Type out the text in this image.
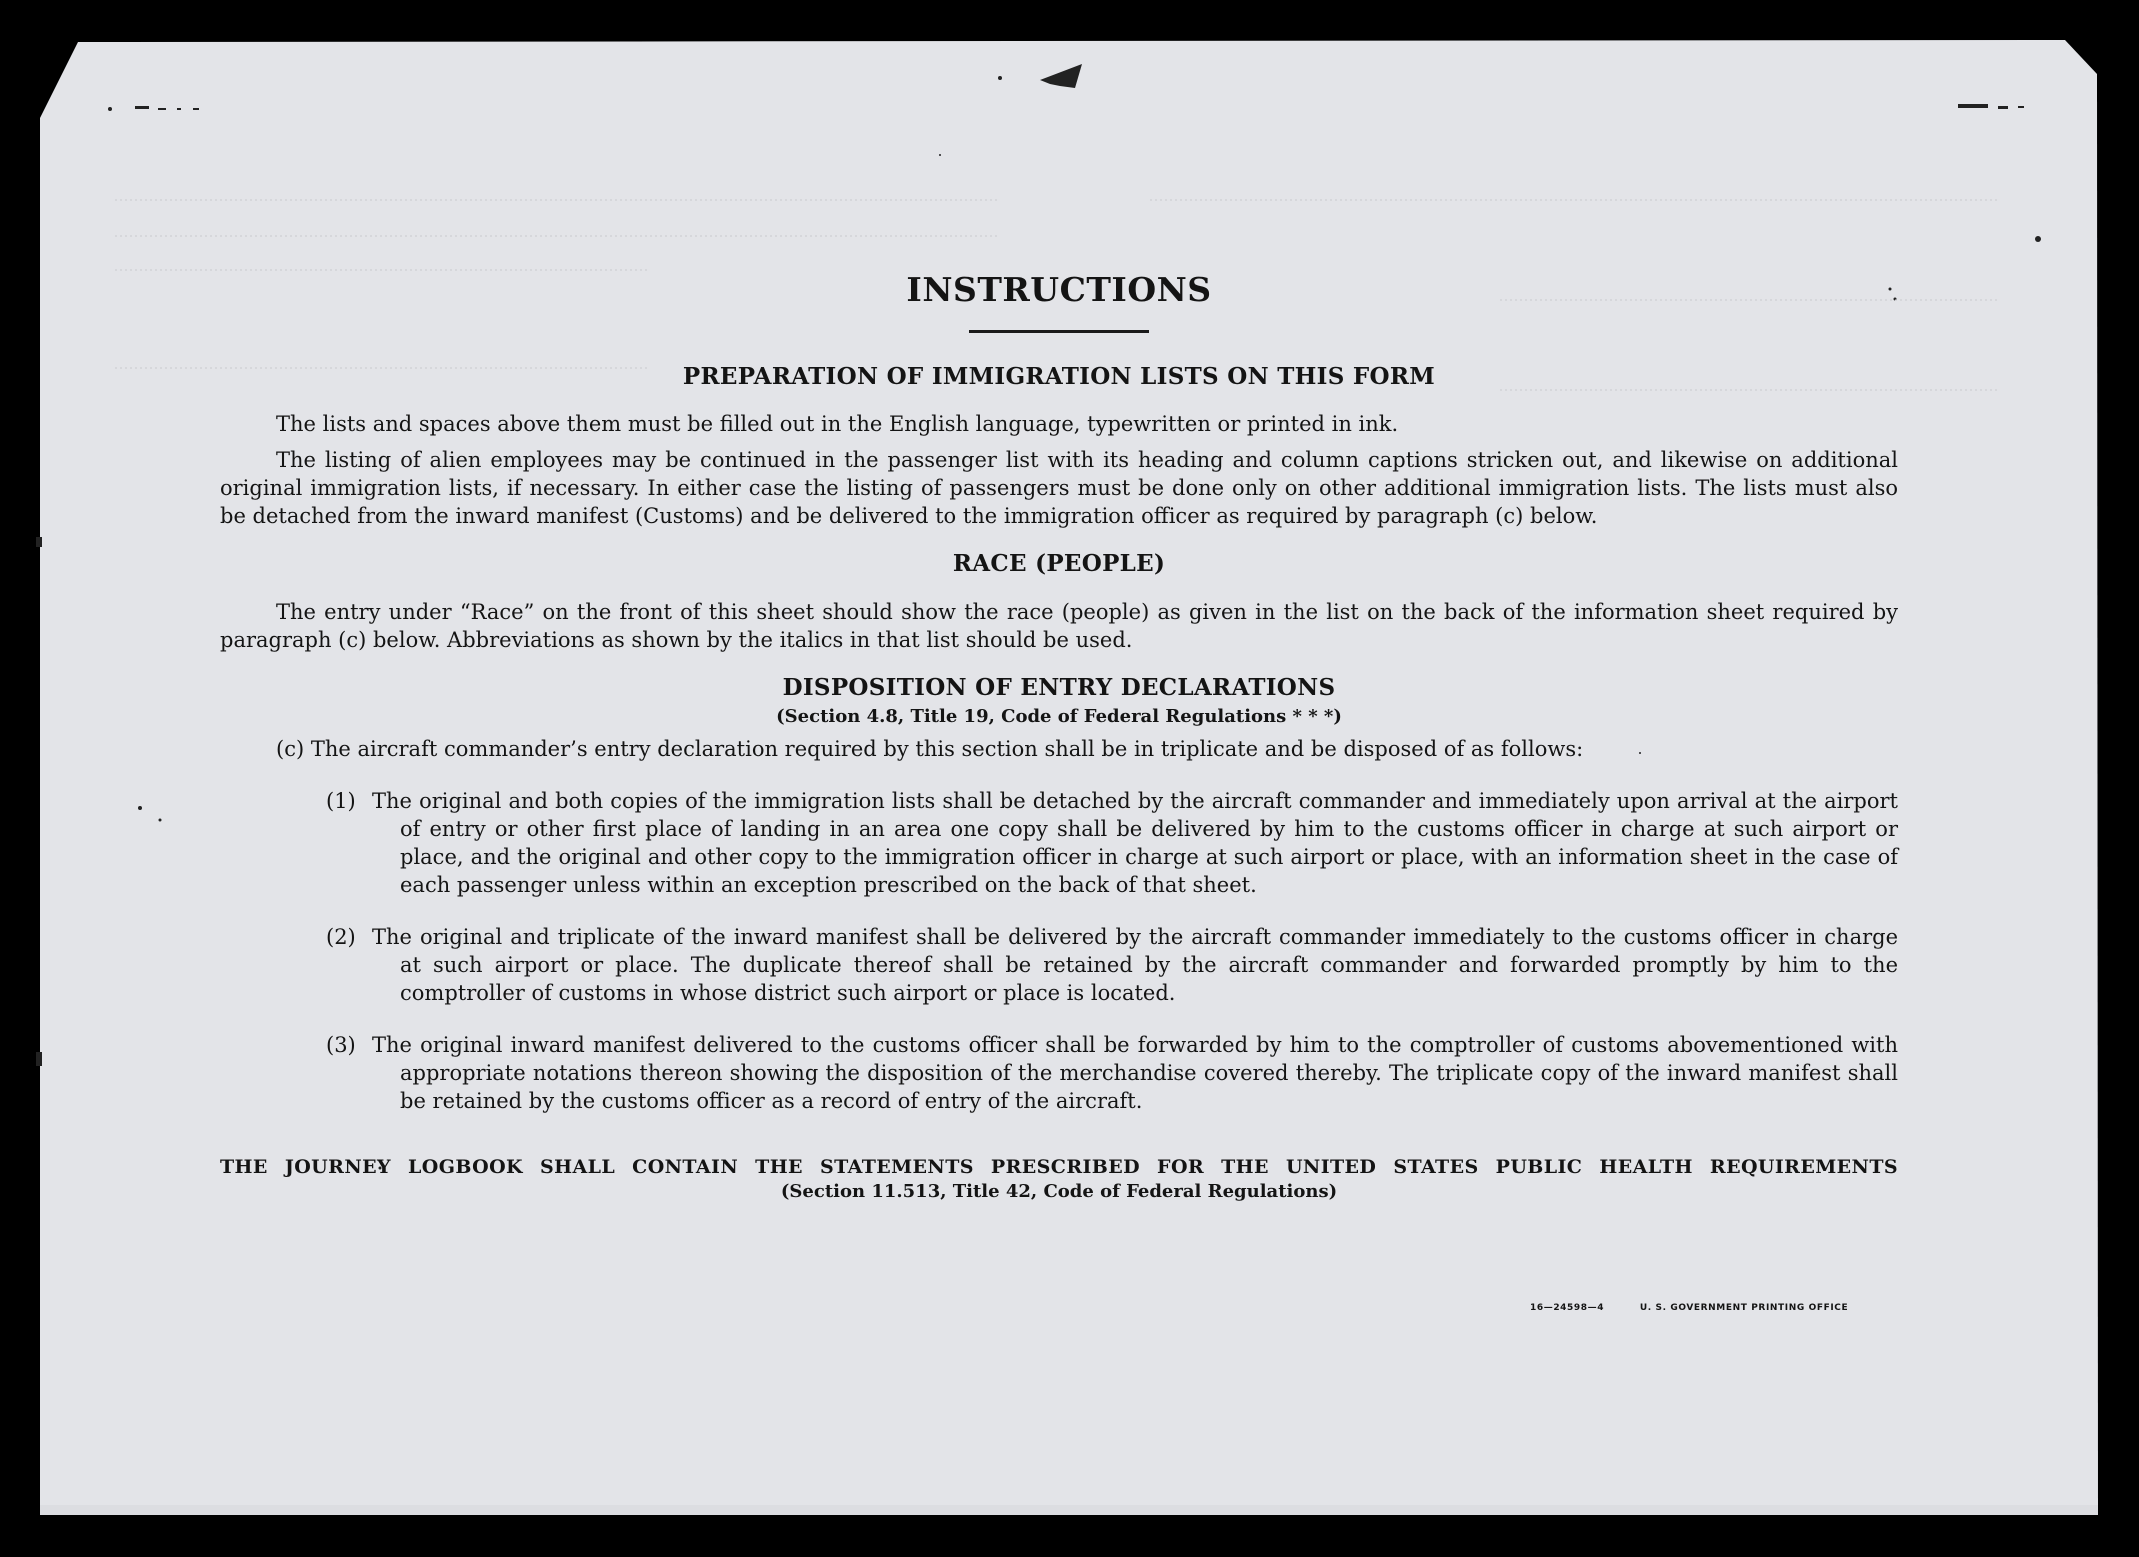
INSTRUCTIONS
PREPARATION OF IMMIGRATION LISTS ON THIS FORM

The lists and spaces above them must be filled out in the English language, typewritten or printed in ink.

The listing of alien employees may be continued in the passenger list with its heading and column captions stricken out, and likewise on additional original immigration lists, if necessary. In either case the listing of passengers must be done only on other additional immigration lists. The lists must also be detached from the inward manifest (Customs) and be delivered to the immigration officer as required by paragraph (c) below.

RACE (PEOPLE)

The entry under “Race” on the front of this sheet should show the race (people) as given in the list on the back of the information sheet required by paragraph (c) below. Abbreviations as shown by the italics in that list should be used.

DISPOSITION OF ENTRY DECLARATIONS

(Section 4.8, Title 19, Code of Federal Regulations * * *)

(c) The aircraft commander’s entry declaration required by this section shall be in triplicate and be disposed of as follows:

(1) The original and both copies of the immigration lists shall be detached by the aircraft commander and immediately upon arrival at the airport of entry or other first place of landing in an area one copy shall be delivered by him to the customs officer in charge at such airport or place, and the original and other copy to the immigration officer in charge at such airport or place, with an information sheet in the case of each passenger unless within an exception prescribed on the back of that sheet.
(2) The original and triplicate of the inward manifest shall be delivered by the aircraft commander immediately to the customs officer in charge at such airport or place. The duplicate thereof shall be retained by the aircraft commander and forwarded promptly by him to the comptroller of customs in whose district such airport or place is located.
(3) The original inward manifest delivered to the customs officer shall be forwarded by him to the comptroller of customs abovementioned with appropriate notations thereon showing the disposition of the merchandise covered thereby. The triplicate copy of the inward manifest shall be retained by the customs officer as a record of entry of the aircraft.

THE JOURNEY LOGBOOK SHALL CONTAIN THE STATEMENTS PRESCRIBED FOR THE UNITED STATES PUBLIC HEALTH REQUIREMENTS

(Section 11.513, Title 42, Code of Federal Regulations)

16—24598—4	U. S. GOVERNMENT PRINTING OFFICE
